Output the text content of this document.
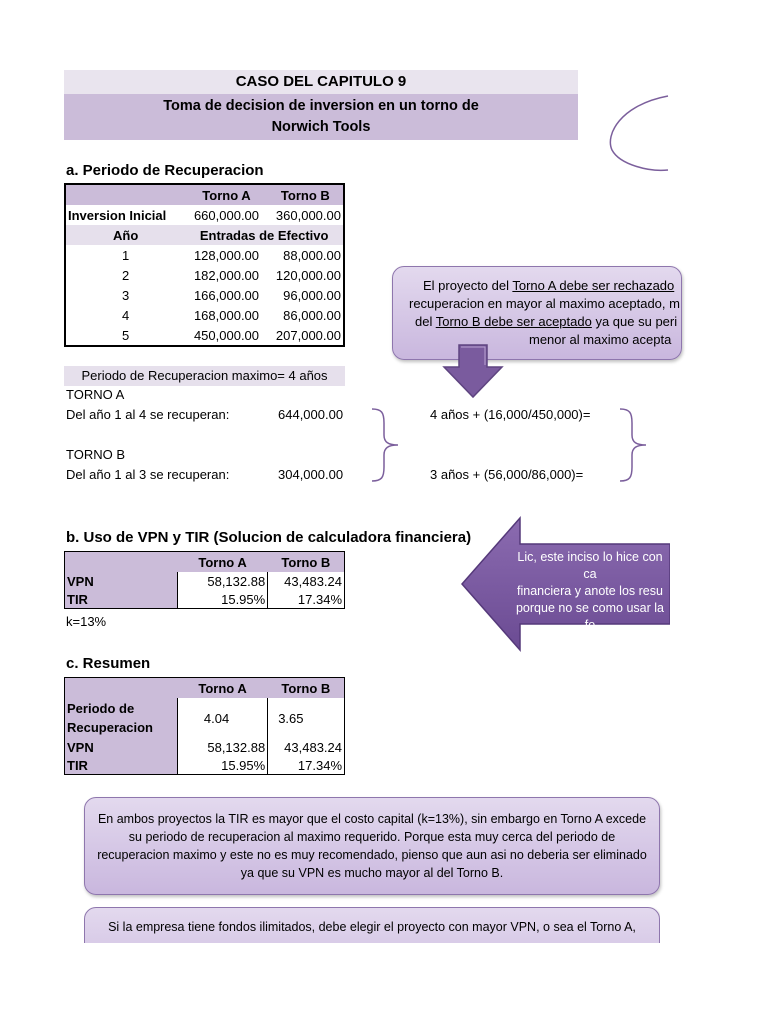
CASO DEL CAPITULO 9
Toma de decision de inversion en un torno de
Norwich Tools
a. Periodo de Recuperacion
	Torno A	Torno B
Inversion Inicial	660,000.00	360,000.00
Año	Entradas de Efectivo	
1	128,000.00	88,000.00
2	182,000.00	120,000.00
3	166,000.00	96,000.00
4	168,000.00	86,000.00
5	450,000.00	207,000.00
El proyecto del Torno A debe ser rechazado
recuperacion en mayor al maximo aceptado, m
del Torno B debe ser aceptado ya que su peri
menor al maximo acepta
Periodo de Recuperacion maximo= 4 años
TORNO A
Del año 1 al 4 se recuperan:	644,000.00	4 años + (16,000/450,000)=
TORNO B
Del año 1 al 3 se recuperan:	304,000.00	3 años + (56,000/86,000)=
b. Uso de VPN y TIR (Solucion de calculadora financiera)
	Torno A	Torno B
VPN	58,132.88	43,483.24
TIR	15.95%	17.34%
k=13%
Lic, este inciso lo hice con ca
financiera y anote los resu
porque no se como usar la fo
excel.
c. Resumen
	Torno A	Torno B

Periodo de
Recuperacion	4.04	3.65
VPN	58,132.88	43,483.24
TIR	15.95%	17.34%
En ambos proyectos la TIR es mayor que el costo capital (k=13%), sin embargo en Torno A excede
su periodo de recuperacion al maximo requerido. Porque esta muy cerca del periodo de
recuperacion maximo y este no es muy recomendado, pienso que aun asi no deberia ser eliminado
ya que su VPN es mucho mayor al del Torno B.
Si la empresa tiene fondos ilimitados, debe elegir el proyecto con mayor VPN, o sea el Torno A,
